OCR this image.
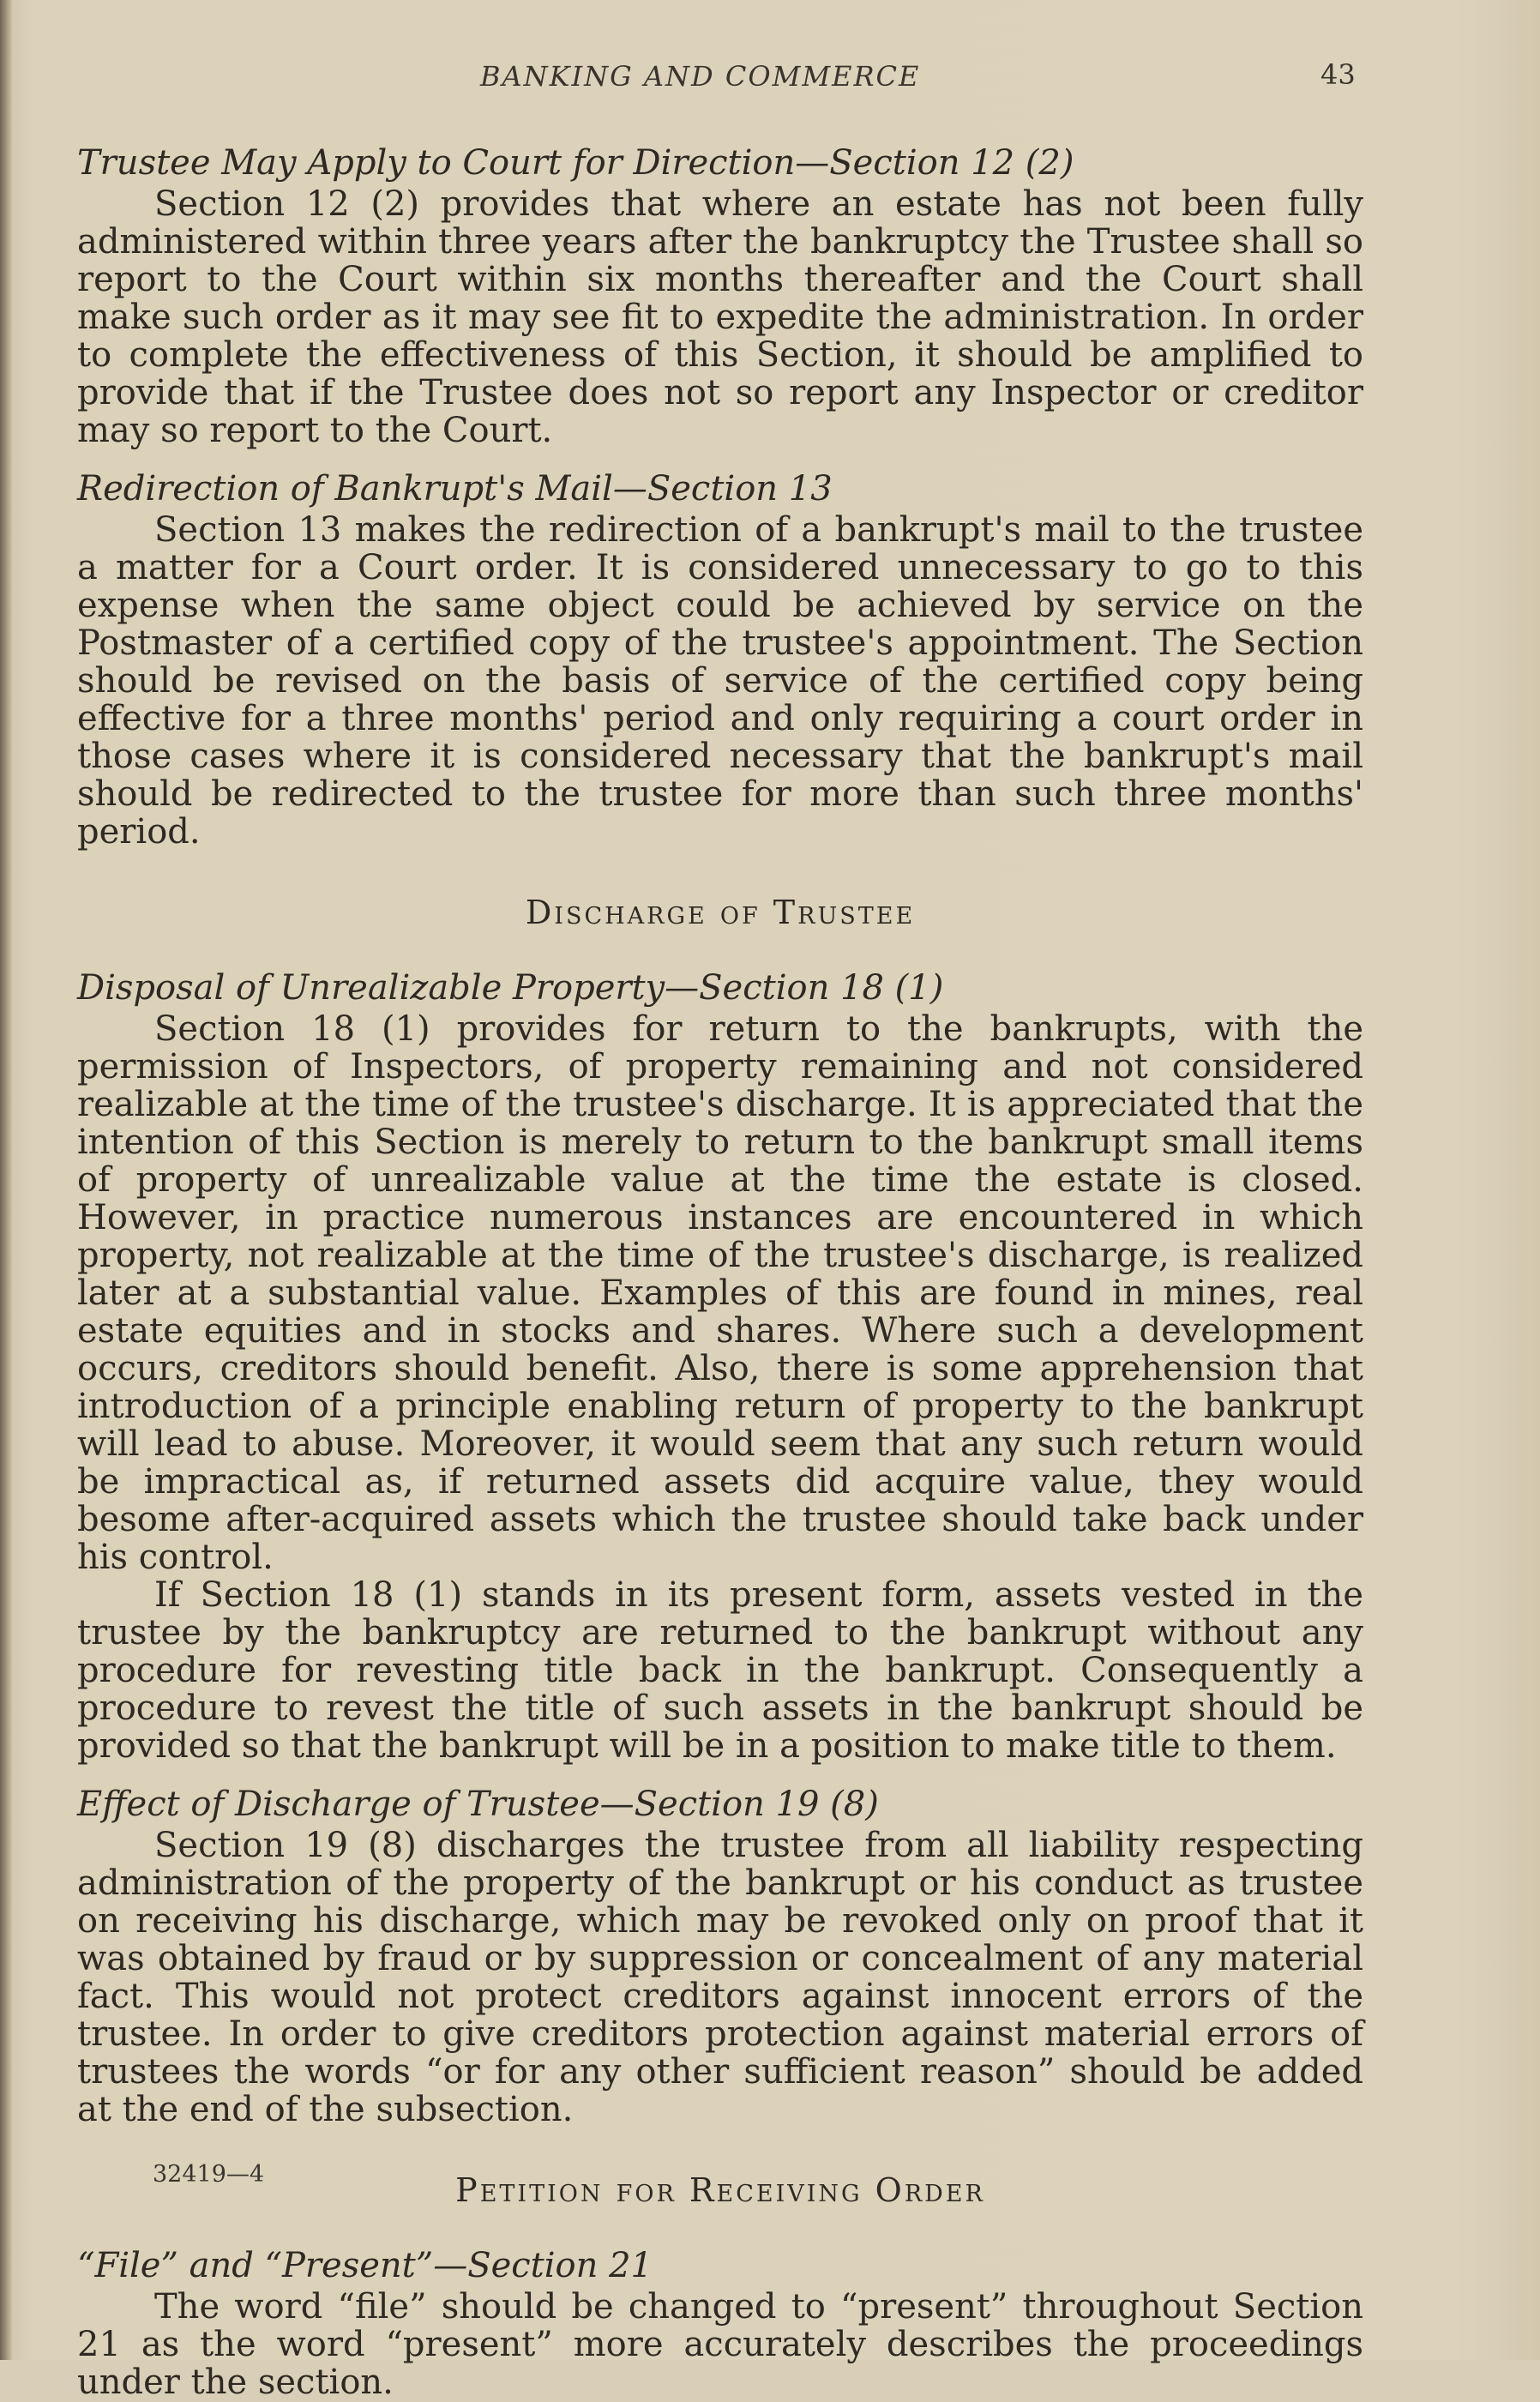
BANKING AND COMMERCE	43
Trustee May Apply to Court for Direction—Section 12 (2)

Section 12 (2) provides that where an estate has not been fully administered within three years after the bankruptcy the Trustee shall so report to the Court within six months thereafter and the Court shall make such order as it may see fit to expedite the administration. In order to complete the effectiveness of this Section, it should be amplified to provide that if the Trustee does not so report any Inspector or creditor may so report to the Court.

Redirection of Bankrupt's Mail—Section 13

Section 13 makes the redirection of a bankrupt's mail to the trustee a matter for a Court order. It is considered unnecessary to go to this expense when the same object could be achieved by service on the Postmaster of a certified copy of the trustee's appointment. The Section should be revised on the basis of service of the certified copy being effective for a three months' period and only requiring a court order in those cases where it is considered necessary that the bankrupt's mail should be redirected to the trustee for more than such three months' period.

Discharge of Trustee
Disposal of Unrealizable Property—Section 18 (1)

Section 18 (1) provides for return to the bankrupts, with the permission of Inspectors, of property remaining and not considered realizable at the time of the trustee's discharge. It is appreciated that the intention of this Section is merely to return to the bankrupt small items of property of unrealizable value at the time the estate is closed. However, in practice numerous instances are encountered in which property, not realizable at the time of the trustee's discharge, is realized later at a substantial value. Examples of this are found in mines, real estate equities and in stocks and shares. Where such a development occurs, creditors should benefit. Also, there is some apprehension that introduction of a principle enabling return of property to the bankrupt will lead to abuse. Moreover, it would seem that any such return would be impractical as, if returned assets did acquire value, they would besome after-acquired assets which the trustee should take back under his control.

If Section 18 (1) stands in its present form, assets vested in the trustee by the bankruptcy are returned to the bankrupt without any procedure for revesting title back in the bankrupt. Consequently a procedure to revest the title of such assets in the bankrupt should be provided so that the bankrupt will be in a position to make title to them.

Effect of Discharge of Trustee—Section 19 (8)

Section 19 (8) discharges the trustee from all liability respecting administration of the property of the bankrupt or his conduct as trustee on receiving his discharge, which may be revoked only on proof that it was obtained by fraud or by suppression or concealment of any material fact. This would not protect creditors against innocent errors of the trustee. In order to give creditors protection against material errors of trustees the words “or for any other sufficient reason” should be added at the end of the subsection.

Petition for Receiving Order
“File” and “Present”—Section 21

The word “file” should be changed to “present” throughout Section 21 as the word “present” more accurately describes the proceedings under the section.

32419—4
